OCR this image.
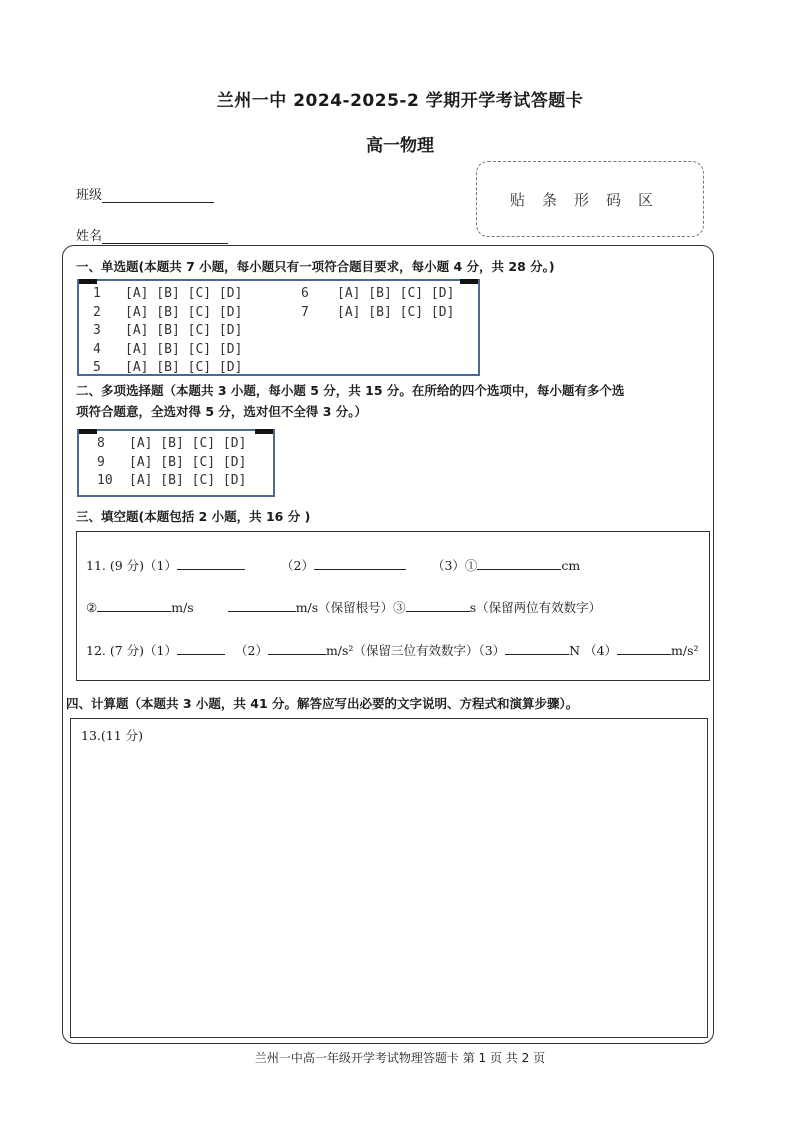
兰州一中 2024-2025-2 学期开学考试答题卡
高一物理
班级
姓名
贴条形码区
一、单选题(本题共 7 小题，每小题只有一项符合题目要求，每小题 4 分，共 28 分。)
1 [A] [B] [C] [D]
2 [A] [B] [C] [D]
3 [A] [B] [C] [D]
4 [A] [B] [C] [D]
5 [A] [B] [C] [D]
6 [A] [B] [C] [D]
7 [A] [B] [C] [D]
二、多项选择题（本题共 3 小题，每小题 5 分，共 15 分。在所给的四个选项中，每小题有多个选
项符合题意，全选对得 5 分，选对但不全得 3 分。）
8 [A] [B] [C] [D]
9 [A] [B] [C] [D]
10 [A] [B] [C] [D]
三、填空题(本题包括 2 小题，共 16 分 )
11. (9 分)（1）	（2）	（3）①	cm
②	m/s	m/s（保留根号）③	s（保留两位有效数字）
12. (7 分)（1）	（2）	m/s²（保留三位有效数字）（3）	N （4）	m/s²
四、计算题（本题共 3 小题，共 41 分。解答应写出必要的文字说明、方程式和演算步骤）。
13.(11 分)
兰州一中高一年级开学考试物理答题卡 第 1 页 共 2 页
